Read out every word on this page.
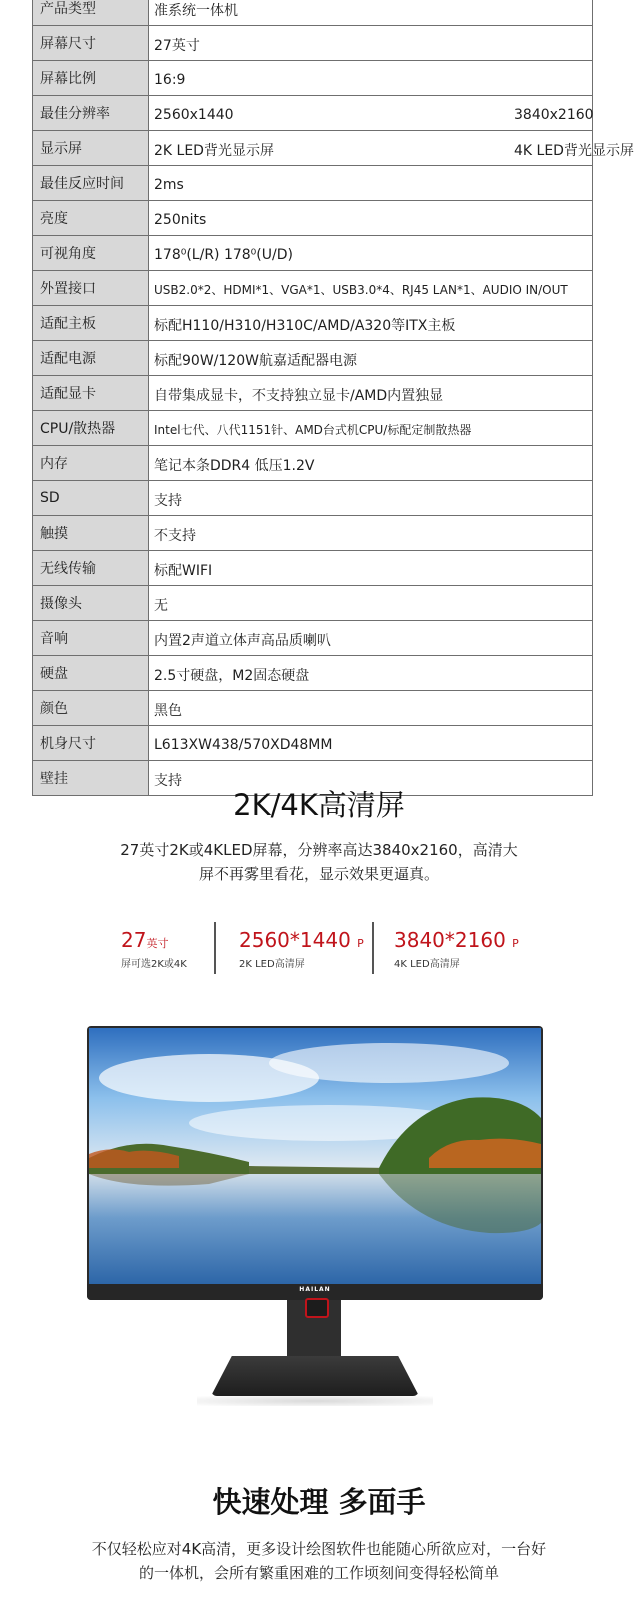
产品类型	准系统一体机

屏幕尺寸	27英寸

屏幕比例	16:9

最佳分辨率	2560x1440 3840x2160

显示屏	2K LED背光显示屏 4K LED背光显示屏

最佳反应时间	2ms

亮度	250nits

可视角度	178⁰(L/R) 178⁰(U/D)

外置接口	USB2.0*2、HDMI*1、VGA*1、USB3.0*4、RJ45 LAN*1、AUDIO IN/OUT

适配主板	标配H110/H310/H310C/AMD/A320等ITX主板

适配电源	标配90W/120W航嘉适配器电源

适配显卡	自带集成显卡，不支持独立显卡/AMD内置独显

CPU/散热器	Intel七代、八代1151针、AMD台式机CPU/标配定制散热器

内存	笔记本条DDR4 低压1.2V

SD	支持

触摸	不支持

无线传输	标配WIFI

摄像头	无

音响	内置2声道立体声高品质喇叭

硬盘	2.5寸硬盘，M2固态硬盘

颜色	黑色

机身尺寸	L613XW438/570XD48MM

壁挂	支持
2K/4K高清屏
27英寸2K或4KLED屏幕，分辨率高达3840x2160，高清大
屏不再雾里看花，显示效果更逼真。
27英寸
屏可选2K或4K
2560*1440 P
2K LED高清屏
3840*2160 P
4K LED高清屏
HAILAN
快速处理 多面手
不仅轻松应对4K高清，更多设计绘图软件也能随心所欲应对，一台好
的一体机，会所有繁重困难的工作顷刻间变得轻松简单
